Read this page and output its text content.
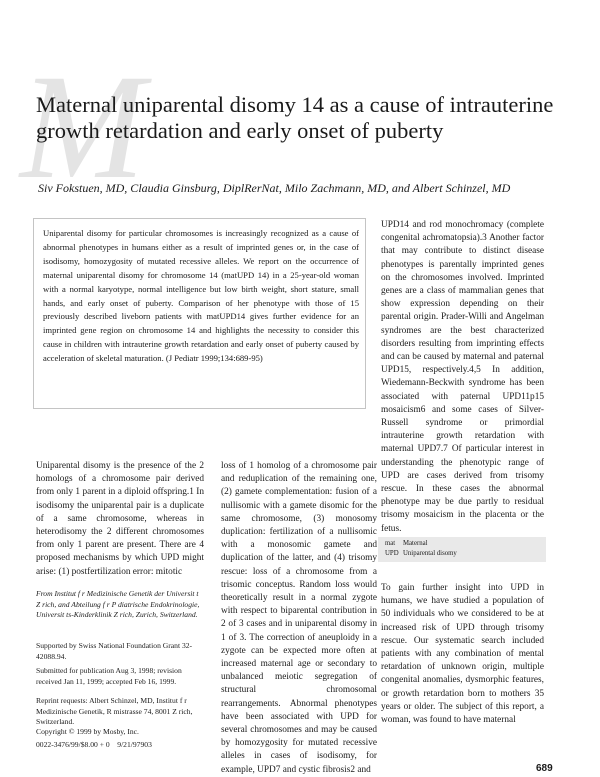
M
Maternal uniparental disomy 14 as a cause of intrauterine growth retardation and early onset of puberty
Siv Fokstuen, MD, Claudia Ginsburg, DiplRerNat, Milo Zachmann, MD, and Albert Schinzel, MD

Uniparental disomy for particular chromosomes is increasingly recognized as a cause of abnormal phenotypes in humans either as a result of imprinted genes or, in the case of isodisomy, homozygosity of mutated recessive alleles. We report on the occurrence of maternal uniparental disomy for chromosome 14 (matUPD 14) in a 25-year-old woman with a normal karyotype, normal intelligence but low birth weight, short stature, small hands, and early onset of puberty. Comparison of her phenotype with those of 15 previously described liveborn patients with matUPD14 gives further evidence for an imprinted gene region on chromosome 14 and highlights the necessity to consider this cause in children with intrauterine growth retardation and early onset of puberty caused by acceleration of skeletal maturation. (J Pediatr 1999;134:689-95)

Uniparental disomy is the presence of the 2 homologs of a chromosome pair derived from only 1 parent in a diploid offspring.1 In isodisomy the uniparental pair is a duplicate of a same chromosome, whereas in heterodisomy the 2 different chromosomes from only 1 parent are present. There are 4 proposed mechanisms by which UPD might arise: (1) postfertilization error: mitotic

loss of 1 homolog of a chromosome pair and reduplication of the remaining one, (2) gamete complementation: fusion of a nullisomic with a gamete disomic for the same chromosome, (3) monosomy duplication: fertilization of a nullisomic with a monosomic gamete and duplication of the latter, and (4) trisomy rescue: loss of a chromosome from a trisomic conceptus. Random loss would theoretically result in a normal zygote with respect to biparental contribution in 2 of 3 cases and in uniparental disomy in 1 of 3. The correction of aneuploidy in a zygote can be expected more often at increased maternal age or secondary to unbalanced meiotic segregation of structural chromosomal rearrangements. Abnormal phenotypes have been associated with UPD for several chromosomes and may be caused by homozygosity for mutated recessive alleles in cases of isodisomy, for example, UPD7 and cystic fibrosis2 and

UPD14 and rod monochromacy (complete congenital achromatopsia).3 Another factor that may contribute to distinct disease phenotypes is parentally imprinted genes on the chromosomes involved. Imprinted genes are a class of mammalian genes that show expression depending on their parental origin. Prader-Willi and Angelman syndromes are the best characterized disorders resulting from imprinting effects and can be caused by maternal and paternal UPD15, respectively.4,5 In addition, Wiedemann-Beckwith syndrome has been associated with paternal UPD11p15 mosaicism6 and some cases of Silver-Russell syndrome or primordial intrauterine growth retardation with maternal UPD7.7 Of particular interest in understanding the phenotypic range of UPD are cases derived from trisomy rescue. In these cases the abnormal phenotype may be due partly to residual trisomy mosaicism in the placenta or the fetus.

To gain further insight into UPD in humans, we have studied a population of 50 individuals who we considered to be at increased risk of UPD through trisomy rescue. Our systematic search included patients with any combination of mental retardation of unknown origin, multiple congenital anomalies, dysmorphic features, or growth retardation born to mothers 35 years or older. The subject of this report, a woman, was found to have maternal

From Institut f r Medizinische Genetik der Universit t Z rich, and Abteilung f r P diatrische Endokrinologie, Universit ts-Kinderklinik Z rich, Zurich, Switzerland.

Supported by Swiss National Foundation Grant 32-42088.94.

Submitted for publication Aug 3, 1998; revision received Jan 11, 1999; accepted Feb 16, 1999.

Reprint requests: Albert Schinzel, MD, Institut f r Medizinische Genetik, R mistrasse 74, 8001 Z rich, Switzerland.

Copyright © 1999 by Mosby, Inc.

0022-3476/99/$8.00 + 0 9/21/97903

mat	Maternal
UPD Uniparental disomy
689
